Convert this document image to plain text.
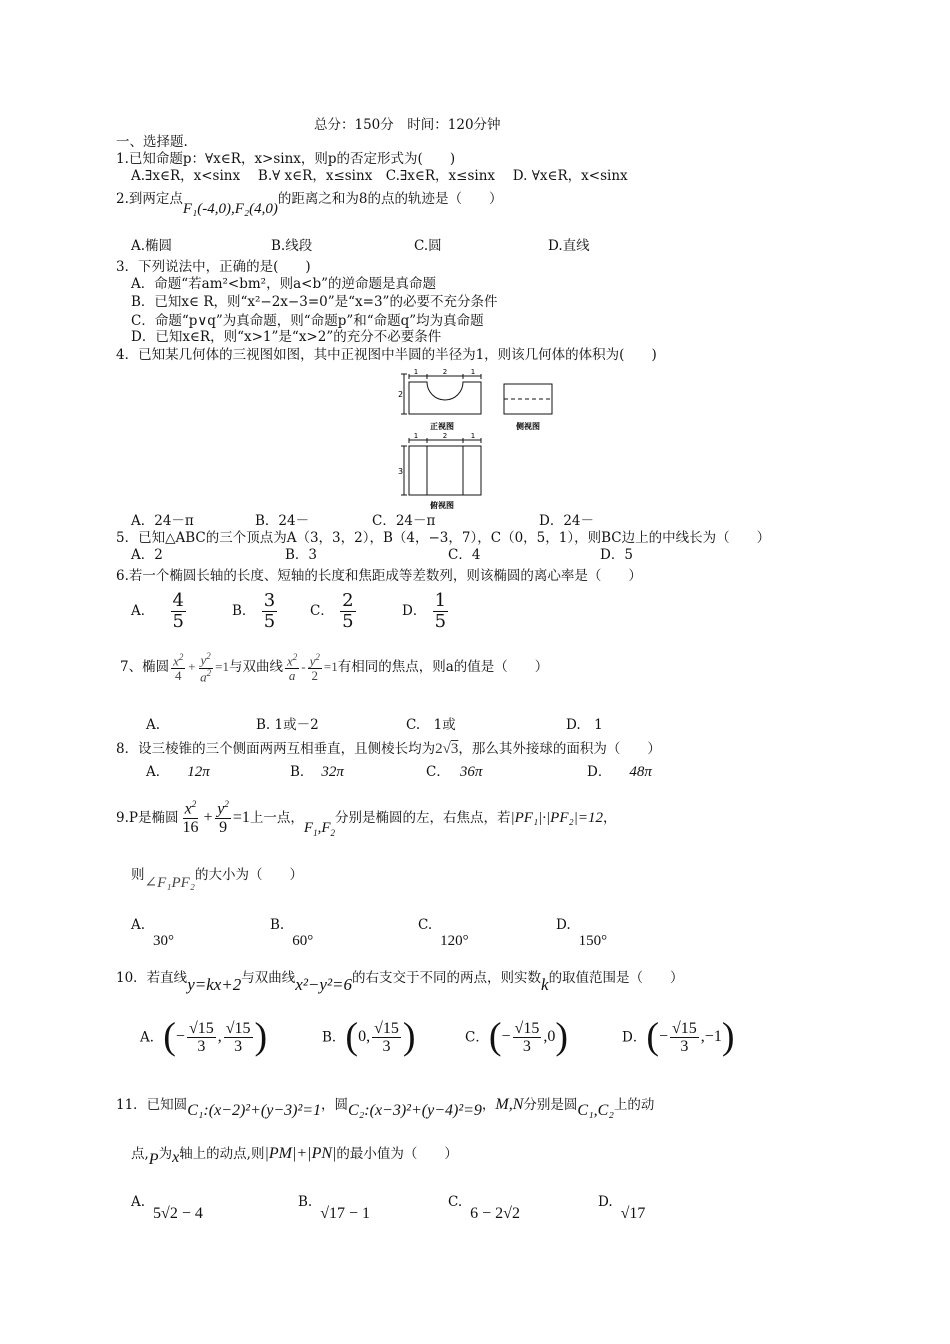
总分：150分　时间：120分钟
一、选择题.
1.已知命题p：∀x∈R，x>sinx，则p的否定形式为(　　)
A.∃x∈R，x<sinx　 B.∀ x∈R，x≤sinx　C.∃x∈R，x≤sinx　 D. ∀x∈R，x<sinx
2.到两定点F₁(-4,0),F₂(4,0)的距离之和为8的点的轨迹是（　　）
A.椭圆	B.线段	C.圆	D.直线
3．下列说法中，正确的是(　　)
A．命题“若am²<bm²，则a<b”的逆命题是真命题
B．已知x∈ R，则“x²−2x−3=0”是“x=3”的必要不充分条件
C．命题“p∨q”为真命题，则“命题p”和“命题q”均为真命题
D．已知x∈R，则“x>1”是“x>2”的充分不必要条件
4．已知某几何体的三视图如图，其中正视图中半圆的半径为1，则该几何体的体积为(　　)
2
1	2	1
正视图	侧视图
3
1	2	1
俯视图
A．24－π	B．24－	C．24－π	D．24－
5．已知△ABC的三个顶点为A（3，3，2），B（4，−3，7），C（0，5，1），则BC边上的中线长为（　　）
A．2	B．3	C．4	D．5
6.若一个椭圆长轴的长度、短轴的长度和焦距成等差数列，则该椭圆的离心率是（　　）
A． $\frac{4}{5}$	B． $\frac{3}{5}$ C． $\frac{2}{5}$	D． $\frac{1}{5}$
7、椭圆 $\frac{x^2}{4} + \frac{y^2}{a^2} =1$与双曲线 $\frac{x^2}{a} - \frac{y^2}{2} =1$有相同的焦点，则a的值是（　　）
A.	B. 1或－2	C.　1或	D.　1
8．设三棱锥的三个侧面两两互相垂直，且侧棱长均为2√3，那么其外接球的面积为（　　）
A． 12π	B． 32π	C． 36π	D． 48π
9.P是椭圆 $\frac{x^2}{16} + \frac{y^2}{9} =1$上一点，$F_1,F_2$分别是椭圆的左，右焦点，若|PF₁|·|PF₂|=12，
则∠F₁PF₂的大小为（　　）
A.30°
B.60°
C.120°
D.150°
10．若直线y=kx+2与双曲线x²−y²=6的右支交于不同的两点，则实数k的取值范围是（　　）
A．(− $\frac{√15}{3}$ , $\frac{√15}{3}$ )	B．(0, $\frac{√15}{3}$ )	C．(− $\frac{√15}{3} ,0$)	D．(− $\frac{√15}{3} ,-1$)
11．已知圆C₁:(x−2)²+(y−3)²=1，圆C₂:(x−3)²+(y−4)²=9，M,N分别是圆C₁,C₂上的动
点,P为x轴上的动点,则|PM|+|PN|的最小值为（　　）
A.5√2 − 4
B.√17 − 1
C.6 − 2√2
D.√17
